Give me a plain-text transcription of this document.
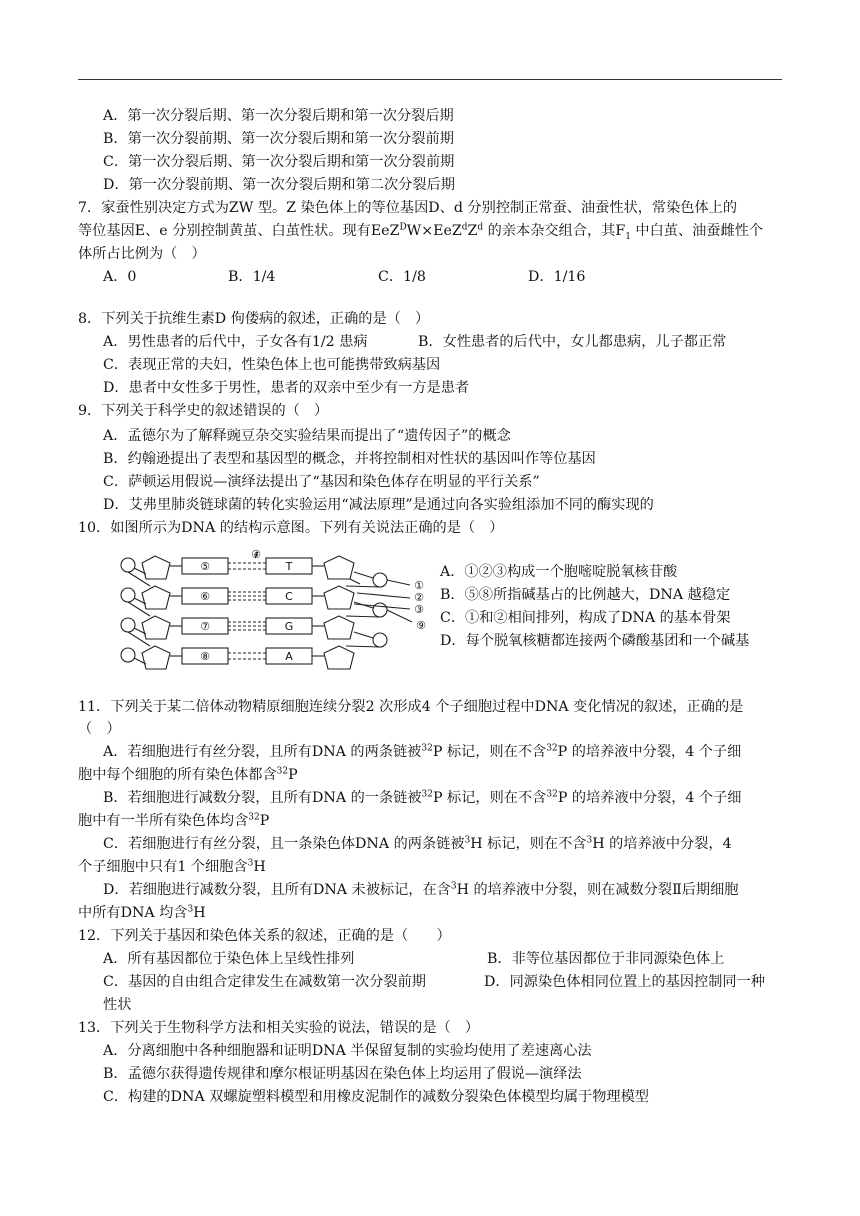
A．第一次分裂后期、第一次分裂后期和第一次分裂后期
B．第一次分裂前期、第一次分裂后期和第一次分裂前期
C．第一次分裂后期、第一次分裂后期和第一次分裂前期
D．第一次分裂前期、第一次分裂后期和第二次分裂后期
7．家蚕性别决定方式为ZW 型。Z 染色体上的等位基因D、d 分别控制正常蚕、油蚕性状，常染色体上的
等位基因E、e 分别控制黄茧、白茧性状。现有$EeZ^DW\times EeZ^dZ^d$ 的亲本杂交组合，其$F_1$ 中白茧、油蚕雌性个
体所占比例为（　）
A．0	B．1/4	C．1/8	D．1/16
8．下列关于抗维生素D 佝偻病的叙述，正确的是（　）
A．男性患者的后代中，子女各有1/2 患病	B．女性患者的后代中，女儿都患病，儿子都正常
C．表现正常的夫妇，性染色体上也可能携带致病基因
D．患者中女性多于男性，患者的双亲中至少有一方是患者
9．下列关于科学史的叙述错误的（　）
A．孟德尔为了解释豌豆杂交实验结果而提出了“遗传因子”的概念
B．约翰逊提出了表型和基因型的概念，并将控制相对性状的基因叫作等位基因
C．萨顿运用假说—演绎法提出了“基因和染色体存在明显的平行关系”
D．艾弗里肺炎链球菌的转化实验运用“减法原理”是通过向各实验组添加不同的酶实现的
10．如图所示为DNA 的结构示意图。下列有关说法正确的是（　）
⑤
⑥
⑦
⑧
T
C
G
A
④
①
②
③
⑨
A．①②③构成一个胞嘧啶脱氧核苷酸
B．⑤⑧所指碱基占的比例越大，DNA 越稳定
C．①和②相间排列，构成了DNA 的基本骨架
D．每个脱氧核糖都连接两个磷酸基团和一个碱基
11．下列关于某二倍体动物精原细胞连续分裂2 次形成4 个子细胞过程中DNA 变化情况的叙述，正确的是
（　）
A．若细胞进行有丝分裂，且所有DNA 的两条链被$^{32}$P 标记，则在不含$^{32}$P 的培养液中分裂，4 个子细
胞中每个细胞的所有染色体都含$^{32}$P
B．若细胞进行减数分裂，且所有DNA 的一条链被$^{32}$P 标记，则在不含$^{32}$P 的培养液中分裂，4 个子细
胞中有一半所有染色体均含$^{32}$P
C．若细胞进行有丝分裂，且一条染色体DNA 的两条链被$^3$H 标记，则在不含$^3$H 的培养液中分裂，4
个子细胞中只有1 个细胞含$^3$H
D．若细胞进行减数分裂，且所有DNA 未被标记，在含$^3$H 的培养液中分裂，则在减数分裂Ⅱ后期细胞
中所有DNA 均含$^3$H
12．下列关于基因和染色体关系的叙述，正确的是（　　）
A．所有基因都位于染色体上呈线性排列	B．非等位基因都位于非同源染色体上
C．基因的自由组合定律发生在减数第一次分裂前期	D．同源染色体相同位置上的基因控制同一种
性状
13．下列关于生物科学方法和相关实验的说法，错误的是（　）
A．分离细胞中各种细胞器和证明DNA 半保留复制的实验均使用了差速离心法
B．孟德尔获得遗传规律和摩尔根证明基因在染色体上均运用了假说—演绎法
C．构建的DNA 双螺旋塑料模型和用橡皮泥制作的减数分裂染色体模型均属于物理模型
